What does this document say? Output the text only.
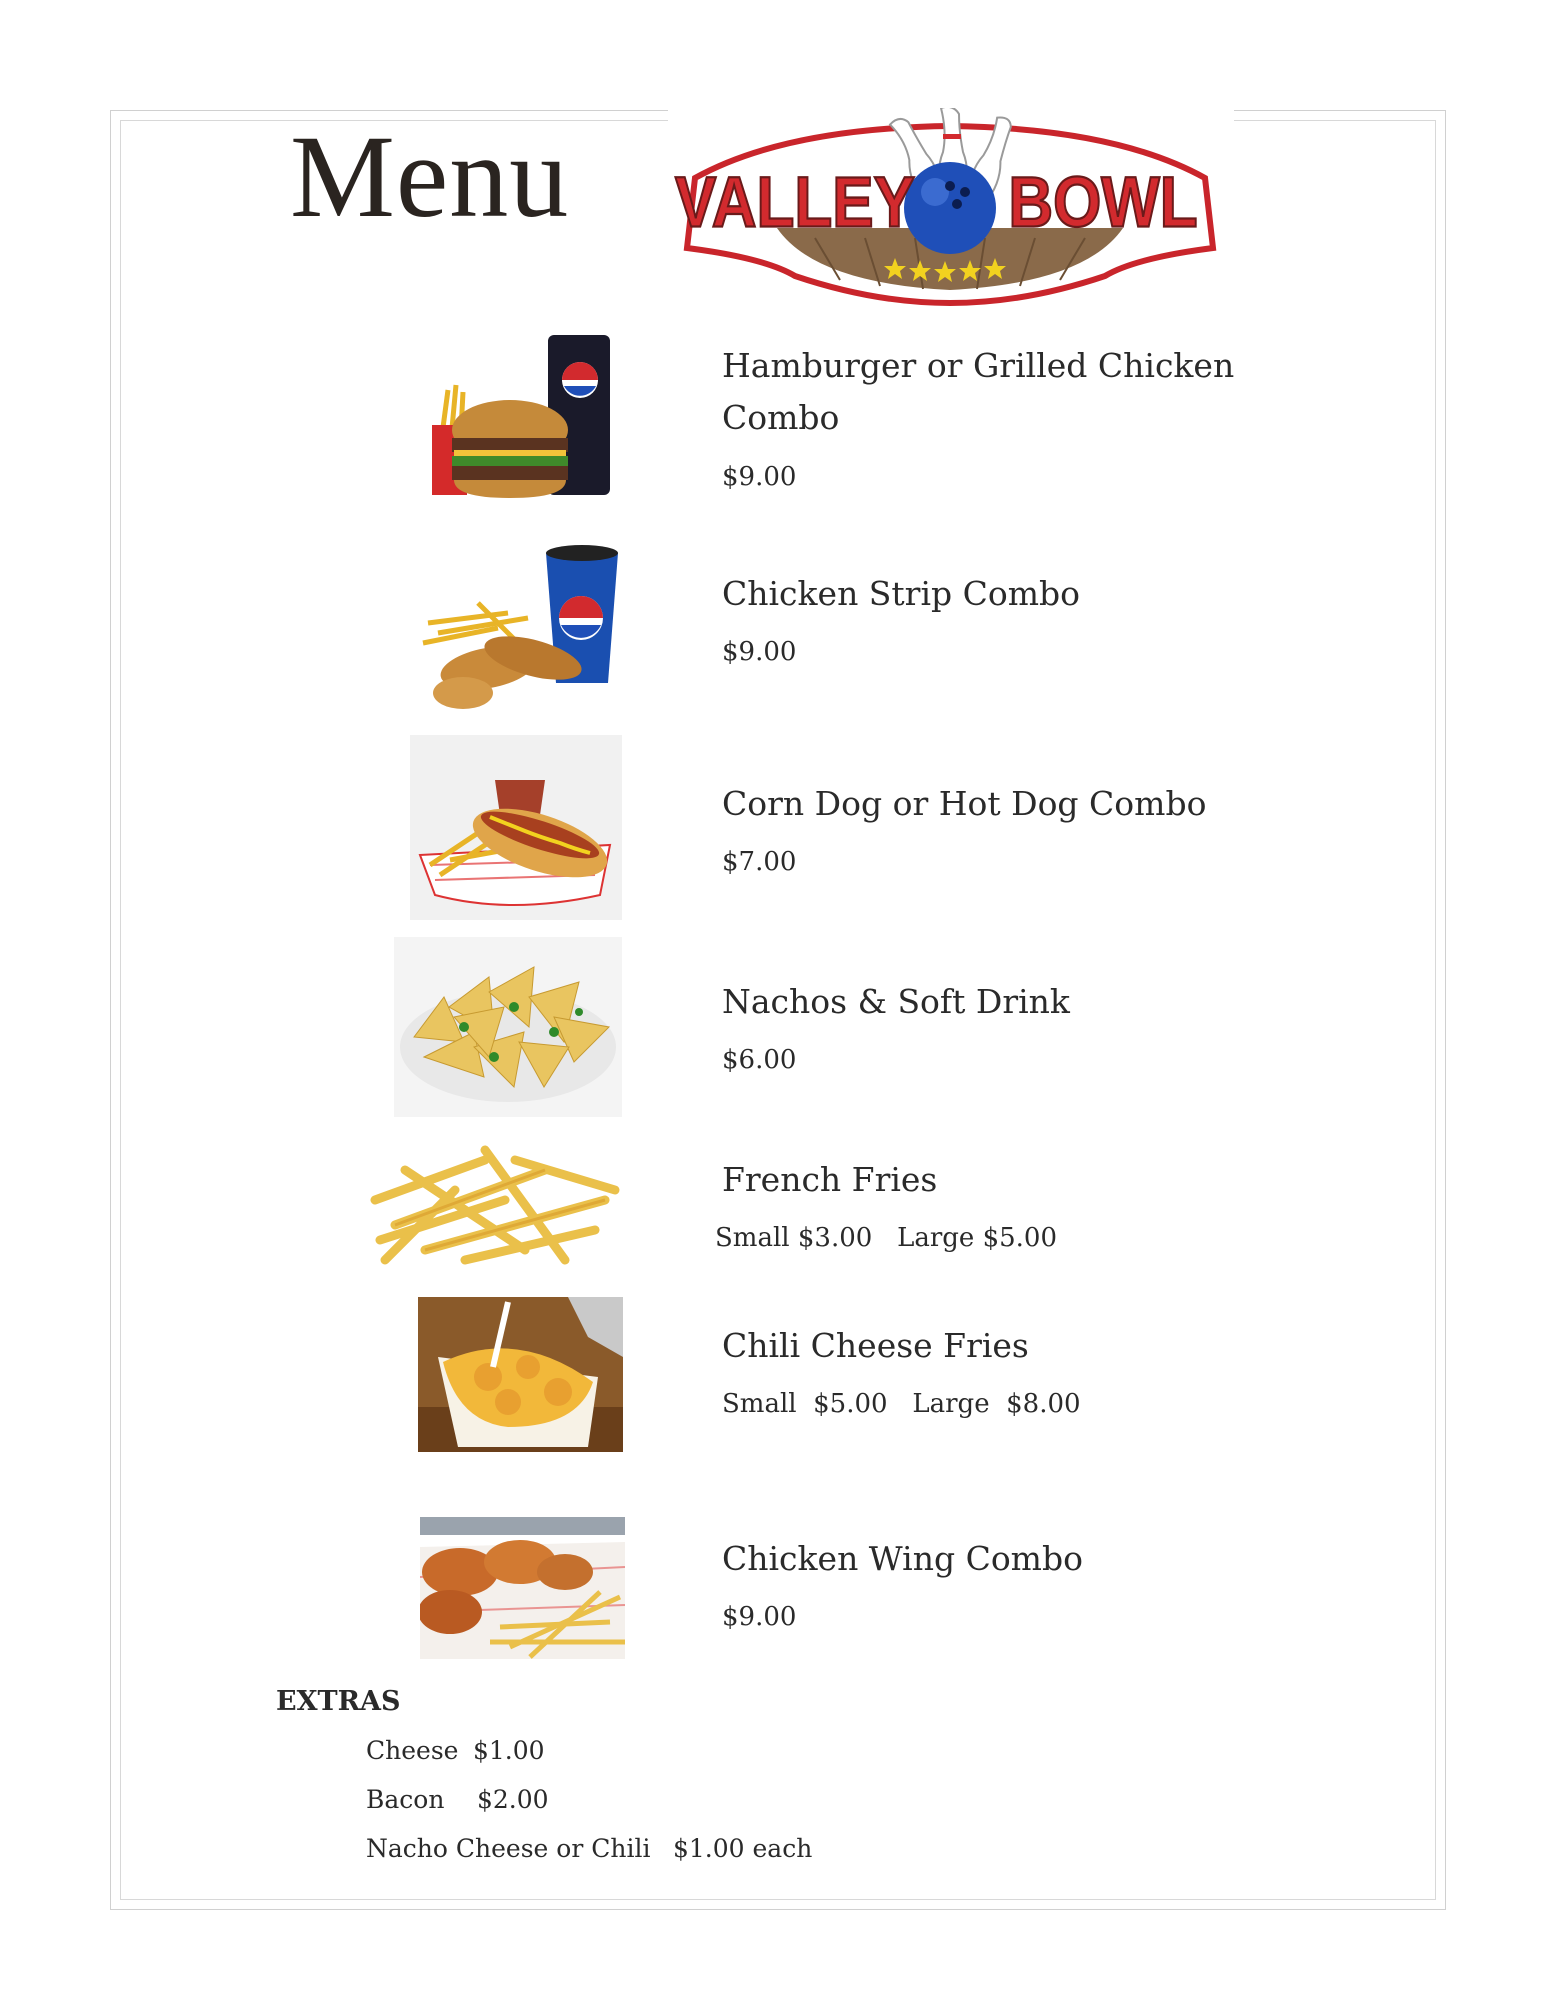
Menu VALLEY BOWL
Hamburger or Grilled Chicken Combo
$9.00
Chicken Strip Combo
$9.00
Corn Dog or Hot Dog Combo
$7.00
Nachos & Soft Drink
$6.00
French Fries
Small $3.00   Large $5.00
Chili Cheese Fries
Small  $5.00   Large  $8.00
Chicken Wing Combo
$9.00
EXTRAS
Cheese $1.00
Bacon $2.00
Nacho Cheese or Chili $1.00 each
